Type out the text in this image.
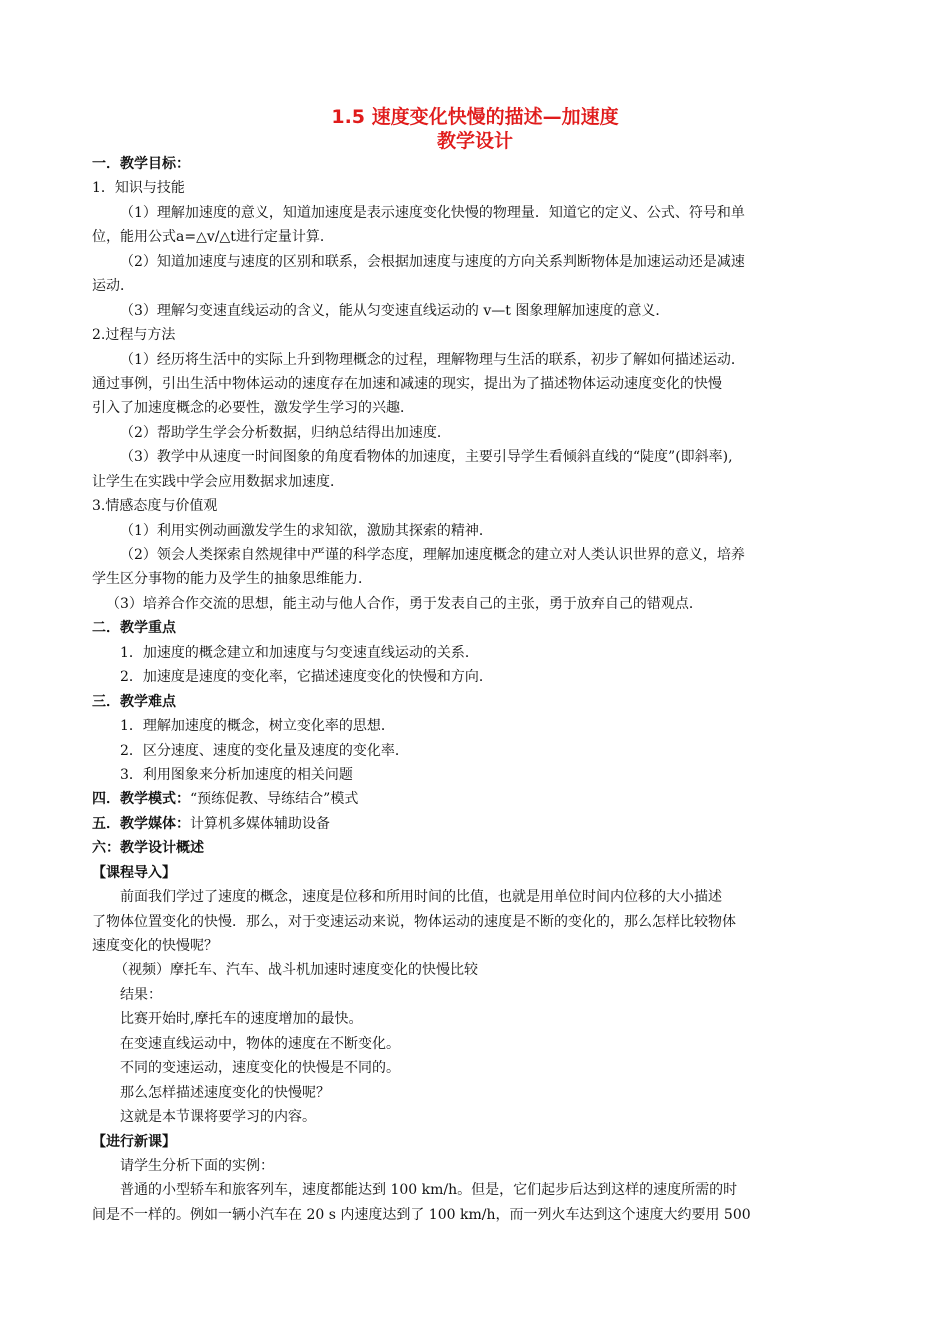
1.5 速度变化快慢的描述—加速度
教学设计
一．教学目标：
1．知识与技能
（1）理解加速度的意义，知道加速度是表示速度变化快慢的物理量．知道它的定义、公式、符号和单
位，能用公式a=△v/△t进行定量计算．
（2）知道加速度与速度的区别和联系，会根据加速度与速度的方向关系判断物体是加速运动还是减速
运动．
（3）理解匀变速直线运动的含义，能从匀变速直线运动的 v—t 图象理解加速度的意义．
2.过程与方法
（1）经历将生活中的实际上升到物理概念的过程，理解物理与生活的联系，初步了解如何描述运动．
通过事例，引出生活中物体运动的速度存在加速和减速的现实，提出为了描述物体运动速度变化的快慢
引入了加速度概念的必要性，激发学生学习的兴趣．
（2）帮助学生学会分析数据，归纳总结得出加速度．
（3）教学中从速度一时间图象的角度看物体的加速度，主要引导学生看倾斜直线的“陡度”(即斜率),
让学生在实践中学会应用数据求加速度．
3.情感态度与价值观
（1）利用实例动画激发学生的求知欲，激励其探索的精神．
（2）领会人类探索自然规律中严谨的科学态度，理解加速度概念的建立对人类认识世界的意义，培养
学生区分事物的能力及学生的抽象思维能力．
（3）培养合作交流的思想，能主动与他人合作，勇于发表自己的主张，勇于放弃自己的错观点．
二．教学重点
1．加速度的概念建立和加速度与匀变速直线运动的关系．
2．加速度是速度的变化率，它描述速度变化的快慢和方向．
三．教学难点
1．理解加速度的概念，树立变化率的思想．
2．区分速度、速度的变化量及速度的变化率．
3．利用图象来分析加速度的相关问题
四．教学模式：“预练促教、导练结合”模式
五．教学媒体：计算机多媒体辅助设备
六：教学设计概述
【课程导入】
前面我们学过了速度的概念，速度是位移和所用时间的比值，也就是用单位时间内位移的大小描述
了物体位置变化的快慢．那么，对于变速运动来说，物体运动的速度是不断的变化的，那么怎样比较物体
速度变化的快慢呢？
（视频）摩托车、汽车、战斗机加速时速度变化的快慢比较
结果：
比赛开始时,摩托车的速度增加的最快。
在变速直线运动中，物体的速度在不断变化。
不同的变速运动，速度变化的快慢是不同的。
那么怎样描述速度变化的快慢呢？
这就是本节课将要学习的内容。
【进行新课】
请学生分析下面的实例：
普通的小型轿车和旅客列车，速度都能达到 100 km/h。但是，它们起步后达到这样的速度所需的时
间是不一样的。例如一辆小汽车在 20 s 内速度达到了 100 km/h，而一列火车达到这个速度大约要用 500
